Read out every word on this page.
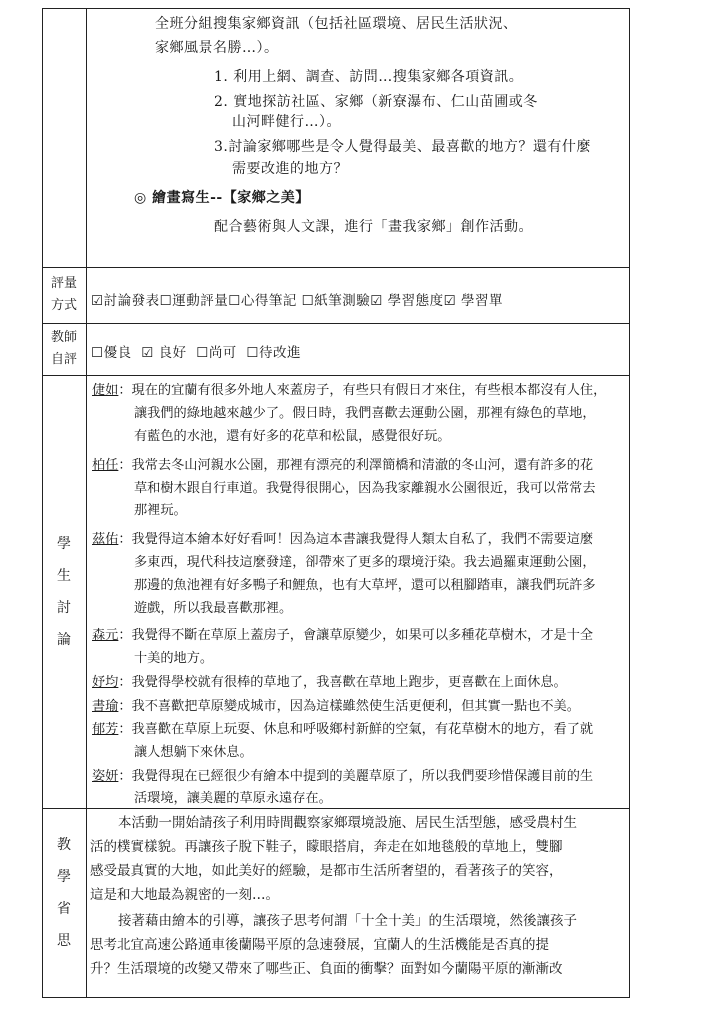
全班分組搜集家鄉資訊（包括社區環境、居民生活狀況、
家鄉風景名勝…）。
1. 利用上網、調查、訪問…搜集家鄉各項資訊。
2. 實地探訪社區、家鄉（新寮瀑布、仁山苗圃或冬
山河畔健行…）。
3.討論家鄉哪些是令人覺得最美、最喜歡的地方？還有什麼
需要改進的地方？
◎ 繪畫寫生--【家鄉之美】
配合藝術與人文課，進行「畫我家鄉」創作活動。
評量
方式	☑討論發表☐運動評量☐心得筆記 ☐紙筆測驗☑ 學習態度☑ 學習單
教師
自評	☐優良 ☑ 良好 ☐尚可 ☐待改進
學
生
討
論
倢如：現在的宜蘭有很多外地人來蓋房子，有些只有假日才來住，有些根本都沒有人住，
讓我們的綠地越來越少了。假日時，我們喜歡去運動公園，那裡有綠色的草地，
有藍色的水池，還有好多的花草和松鼠，感覺很好玩。
柏任：我常去冬山河親水公園，那裡有漂亮的利澤簡橋和清澈的冬山河，還有許多的花
草和樹木跟自行車道。我覺得很開心，因為我家離親水公園很近，我可以常常去
那裡玩。
茲佑：我覺得這本繪本好好看呵！因為這本書讓我覺得人類太自私了，我們不需要這麼
多東西，現代科技這麼發達，卻帶來了更多的環境汙染。我去過羅東運動公園，
那邊的魚池裡有好多鴨子和鯉魚，也有大草坪，還可以租腳踏車，讓我們玩許多
遊戲，所以我最喜歡那裡。
森元：我覺得不斷在草原上蓋房子，會讓草原變少，如果可以多種花草樹木，才是十全
十美的地方。
妤均：我覺得學校就有很棒的草地了，我喜歡在草地上跑步，更喜歡在上面休息。
書瑜：我不喜歡把草原變成城市，因為這樣雖然使生活更便利，但其實一點也不美。
郁芳：我喜歡在草原上玩耍、休息和呼吸鄉村新鮮的空氣，有花草樹木的地方，看了就
讓人想躺下來休息。
姿妍：我覺得現在已經很少有繪本中提到的美麗草原了，所以我們要珍惜保護目前的生
活環境，讓美麗的草原永遠存在。
教
學
省
思
本活動一開始請孩子利用時間觀察家鄉環境設施、居民生活型態，感受農村生
活的樸實樣貌。再讓孩子脫下鞋子，矇眼搭肩，奔走在如地毯般的草地上，雙腳
感受最真實的大地，如此美好的經驗，是都市生活所奢望的，看著孩子的笑容，
這是和大地最為親密的一刻…。
接著藉由繪本的引導，讓孩子思考何謂「十全十美」的生活環境，然後讓孩子
思考北宜高速公路通車後蘭陽平原的急速發展，宜蘭人的生活機能是否真的提
升？生活環境的改變又帶來了哪些正、負面的衝擊？面對如今蘭陽平原的漸漸改
